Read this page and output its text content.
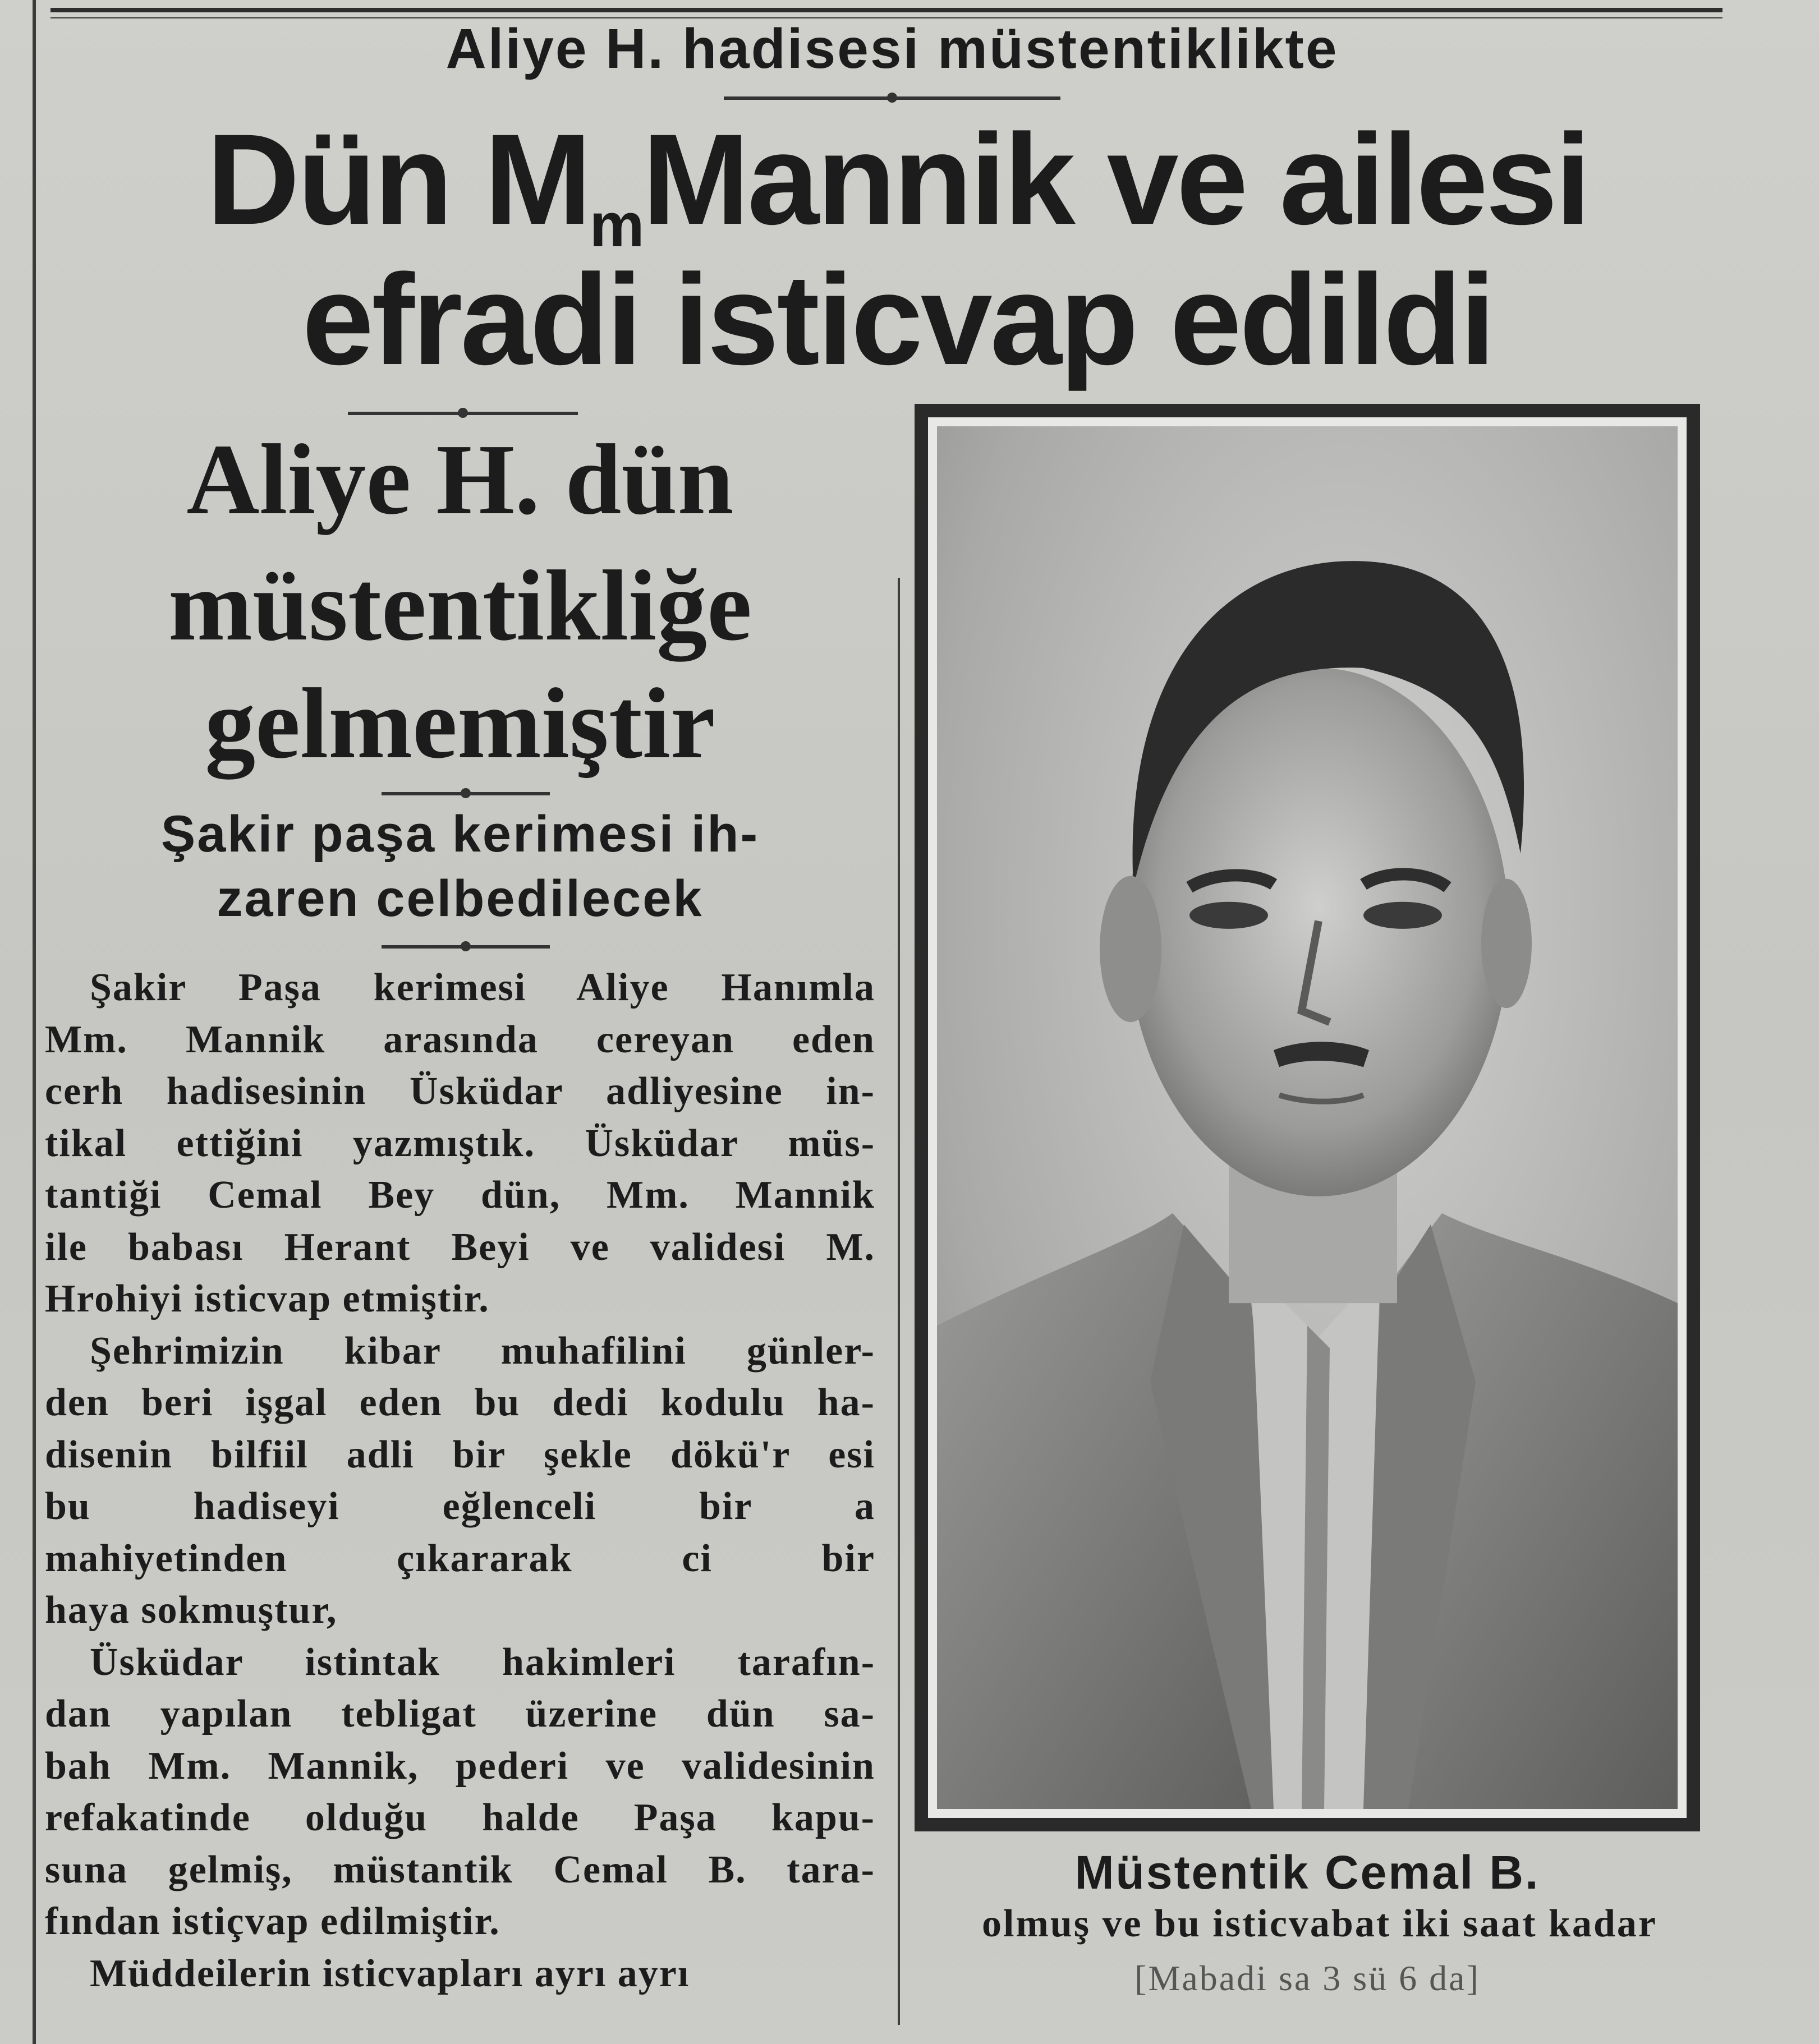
Aliye H. hadisesi müstentiklikte
Dün MmMannik ve ailesi
efradi isticvap edildi
Aliye H. dün
müstentikliğe
gelmemiştir
Şakir paşa kerimesi ih-
zaren celbedilecek

Şakir Paşa kerimesi Aliye Hanımla

Mm. Mannik arasında cereyan eden

cerh hadisesinin Üsküdar adliyesine in-

tikal ettiğini yazmıştık. Üsküdar müs-

tantiği Cemal Bey dün, Mm. Mannik

ile babası Herant Beyi ve validesi M.

Hrohiyi isticvap etmiştir.

Şehrimizin kibar muhafilini günler-

den beri işgal eden bu dedi kodulu ha-

disenin bilfiil adli bir şekle dökü'r esi

bu hadiseyi eğlenceli bir a

mahiyetinden çıkararak ci bir

haya sokmuştur,

Üsküdar istintak hakimleri tarafın-

dan yapılan tebligat üzerine dün sa-

bah Mm. Mannik, pederi ve validesinin

refakatinde olduğu halde Paşa kapu-

suna gelmiş, müstantik Cemal B. tara-

fından istiçvap edilmiştir.

Müddeilerin isticvapları ayrı ayrı

Müstentik Cemal B.
olmuş ve bu isticvabat iki saat kadar
[Mabadi sa 3 sü 6 da]
